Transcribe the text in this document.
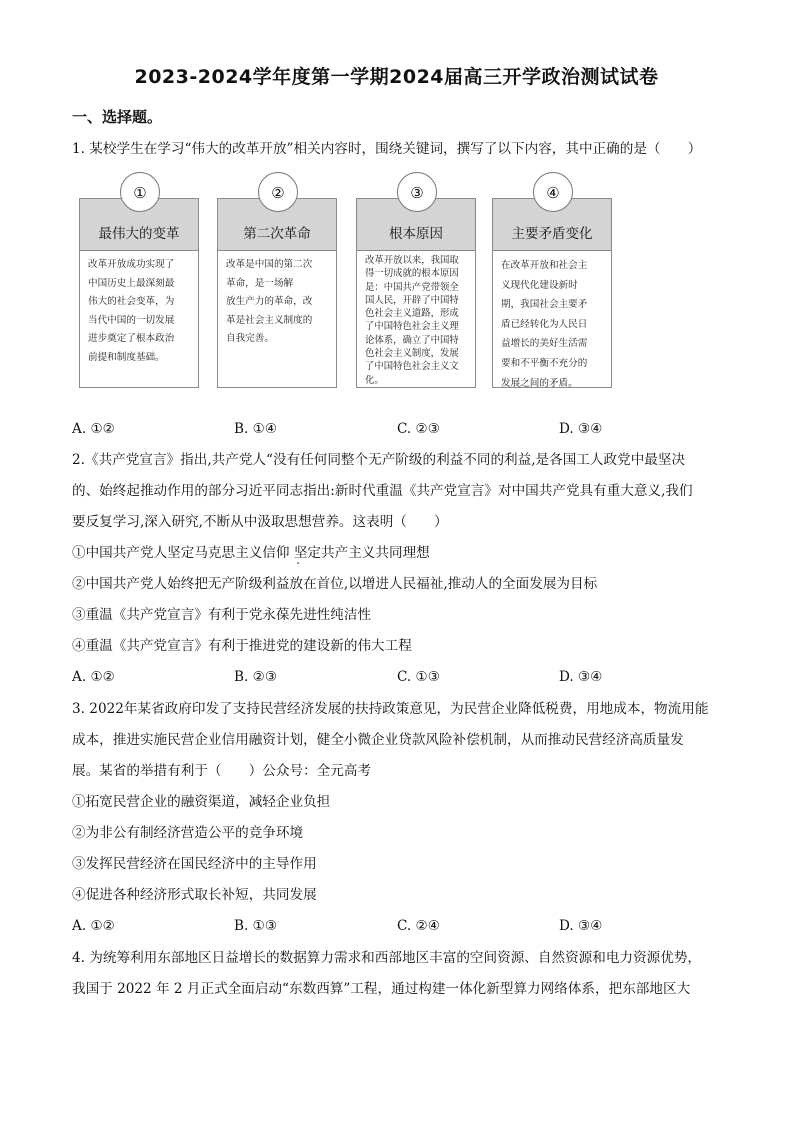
2023-2024学年度第一学期2024届高三开学政治测试试卷
一、选择题。
1. 某校学生在学习“伟大的改革开放”相关内容时，围绕关键词，撰写了以下内容，其中正确的是（　　）
最伟大的变革
改革开放成功实现了
中国历史上最深刻最
伟大的社会变革，为
当代中国的一切发展
进步奠定了根本政治
前提和制度基础。
①
第二次革命
改革是中国的第二次
革命，是一场解
放生产力的革命，改
革是社会主义制度的
自我完善。
②
根本原因
改革开放以来，我国取
得一切成就的根本原因
是：中国共产党带领全
国人民，开辟了中国特
色社会主义道路，形成
了中国特色社会主义理
论体系，确立了中国特
色社会主义制度，发展
了中国特色社会主义文
化。
③
主要矛盾变化
在改革开放和社会主
义现代化建设新时
期，我国社会主要矛
盾已经转化为人民日
益增长的美好生活需
要和不平衡不充分的
发展之间的矛盾。
④
A. ①②	B. ①④	C. ②③	D. ③④
2.《共产党宣言》指出,共产党人“没有任何同整个无产阶级的利益不同的利益,是各国工人政党中最坚决
的、始终起推动作用的部分习近平同志指出:新时代重温《共产党宣言》对中国共产党具有重大意义,我们
要反复学习,深入研究,不断从中汲取思想营养。这表明（　　）
①中国共产党人坚定马克思主义信仰 坚定共产主义共同理想
②中国共产党人始终把无产阶级利益放在首位,以增进人民福祉,推动人的全面发展为目标
③重温《共产党宣言》有利于党永葆先进性纯洁性
④重温《共产党宣言》有利于推进党的建设新的伟大工程
A. ①②	B. ②③	C. ①③	D. ③④
3. 2022年某省政府印发了支持民营经济发展的扶持政策意见，为民营企业降低税费，用地成本，物流用能
成本，推进实施民营企业信用融资计划，健全小微企业贷款风险补偿机制，从而推动民营经济高质量发
展。某省的举措有利于（　　）公众号：全元高考
①拓宽民营企业的融资渠道，减轻企业负担
②为非公有制经济营造公平的竞争环境
③发挥民营经济在国民经济中的主导作用
④促进各种经济形式取长补短，共同发展
A. ①②	B. ①③	C. ②④	D. ③④
4. 为统筹利用东部地区日益增长的数据算力需求和西部地区丰富的空间资源、自然资源和电力资源优势，
我国于 2022 年 2 月正式全面启动“东数西算”工程，通过构建一体化新型算力网络体系，把东部地区大
